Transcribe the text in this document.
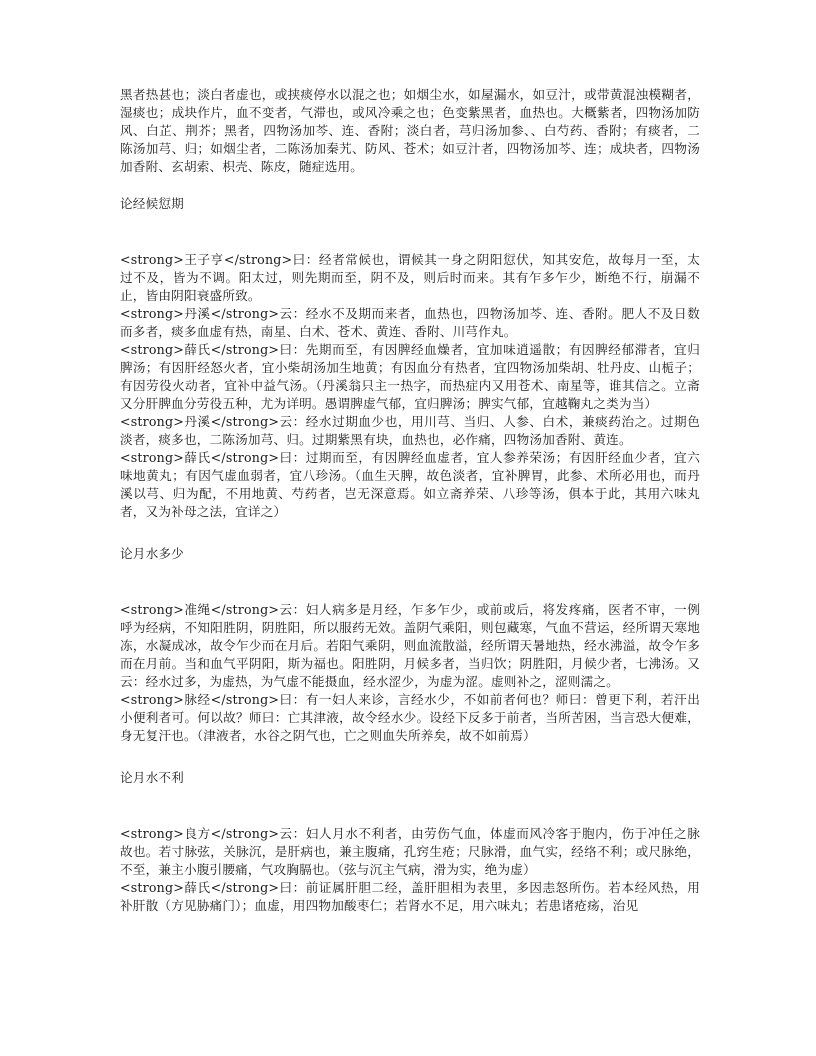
黑者热甚也；淡白者虚也，或挟痰停水以混之也；如烟尘水，如屋漏水，如豆汁，或带黄混浊模糊者，湿痰也；成块作片，血不变者，气滞也，或风冷乘之也；色变紫黑者，血热也。大概紫者，四物汤加防风、白芷、荆芥；黑者，四物汤加芩、连、香附；淡白者，芎归汤加参、、白芍药、香附；有痰者，二陈汤加芎、归；如烟尘者，二陈汤加秦艽、防风、苍术；如豆汁者，四物汤加芩、连；成块者，四物汤加香附、玄胡索、枳壳、陈皮，随症选用。

论经候愆期

<strong>王子亨</strong>曰：经者常候也，谓候其一身之阴阳愆伏，知其安危，故每月一至，太过不及，皆为不调。阳太过，则先期而至，阴不及，则后时而来。其有乍多乍少，断绝不行，崩漏不止，皆由阴阳衰盛所致。

<strong>丹溪</strong>云：经水不及期而来者，血热也，四物汤加芩、连、香附。肥人不及日数而多者，痰多血虚有热，南星、白术、苍术、黄连、香附、川芎作丸。

<strong>薛氏</strong>曰：先期而至，有因脾经血燥者，宜加味逍遥散；有因脾经郁滞者，宜归脾汤；有因肝经怒火者，宜小柴胡汤加生地黄；有因血分有热者，宜四物汤加柴胡、牡丹皮、山栀子；有因劳役火动者，宜补中益气汤。（丹溪翁只主一热字，而热症内又用苍术、南星等，谁其信之。立斋又分肝脾血分劳役五种，尤为详明。愚谓脾虚气郁，宜归脾汤；脾实气郁，宜越鞠丸之类为当）

<strong>丹溪</strong>云：经水过期血少也，用川芎、当归、人参、白术，兼痰药治之。过期色淡者，痰多也，二陈汤加芎、归。过期紫黑有块，血热也，必作痛，四物汤加香附、黄连。

<strong>薛氏</strong>曰：过期而至，有因脾经血虚者，宜人参养荣汤；有因肝经血少者，宜六味地黄丸；有因气虚血弱者，宜八珍汤。（血生天脾，故色淡者，宜补脾胃，此参、术所必用也，而丹溪以芎、归为配，不用地黄、芍药者，岂无深意焉。如立斋养荣、八珍等汤，俱本于此，其用六味丸者，又为补母之法，宜详之）

论月水多少

<strong>准绳</strong>云：妇人病多是月经，乍多乍少，或前或后，将发疼痛，医者不审，一例呼为经病，不知阳胜阴，阴胜阳，所以服药无效。盖阴气乘阳，则包藏寒，气血不营运，经所谓天寒地冻，水凝成冰，故令乍少而在月后。若阳气乘阴，则血流散溢，经所谓天暑地热，经水沸溢，故令乍多而在月前。当和血气平阴阳，斯为福也。阳胜阴，月候多者，当归饮；阴胜阳，月候少者，七沸汤。又云：经水过多，为虚热，为气虚不能摄血，经水涩少，为虚为涩。虚则补之，涩则濡之。

<strong>脉经</strong>曰：有一妇人来诊，言经水少，不如前者何也？师曰：曾更下利，若汗出小便利者可。何以故？师曰：亡其津液，故令经水少。设经下反多于前者，当所苦困，当言恐大便难，身无复汗也。（津液者，水谷之阴气也，亡之则血失所养矣，故不如前焉）

论月水不利

<strong>良方</strong>云：妇人月水不利者，由劳伤气血，体虚而风冷客于胞内，伤于冲任之脉故也。若寸脉弦，关脉沉，是肝病也，兼主腹痛，孔窍生疮；尺脉滑，血气实，经络不利；或尺脉绝，不至，兼主小腹引腰痛，气攻胸膈也。（弦与沉主气病，滑为实，绝为虚）

<strong>薛氏</strong>曰：前证属肝胆二经，盖肝胆相为表里，多因恚怒所伤。若本经风热，用补肝散（方见胁痛门）；血虚，用四物加酸枣仁；若肾水不足，用六味丸；若患诸疮疡，治见
